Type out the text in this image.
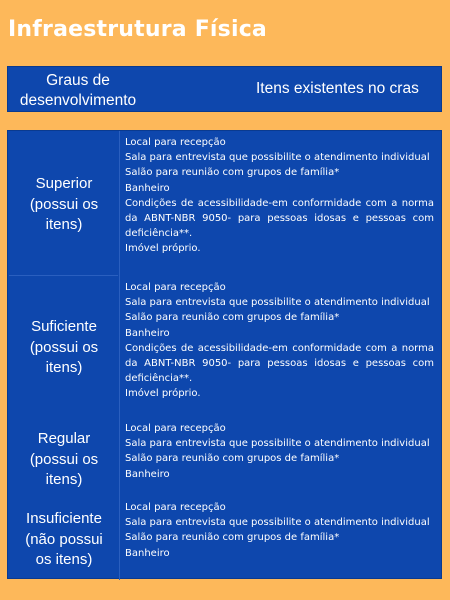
Infraestrutura Física
Graus de
desenvolvimento
Itens existentes no cras
Superior
(possui os
itens)
Local para recepção
Sala para entrevista que possibilite o atendimento individual
Salão para reunião com grupos de família*
Banheiro
Condições de acessibilidade-em conformidade com a norma da ABNT-NBR 9050- para pessoas idosas e pessoas com deficiência**.
Imóvel próprio.
Suficiente
(possui os
itens)
Local para recepção
Sala para entrevista que possibilite o atendimento individual
Salão para reunião com grupos de família*
Banheiro
Condições de acessibilidade-em conformidade com a norma da ABNT-NBR 9050- para pessoas idosas e pessoas com deficiência**.
Imóvel próprio.
Regular
(possui os
itens)
Local para recepção
Sala para entrevista que possibilite o atendimento individual
Salão para reunião com grupos de família*
Banheiro
Insuficiente
(não possui
os itens)
Local para recepção
Sala para entrevista que possibilite o atendimento individual
Salão para reunião com grupos de família*
Banheiro
